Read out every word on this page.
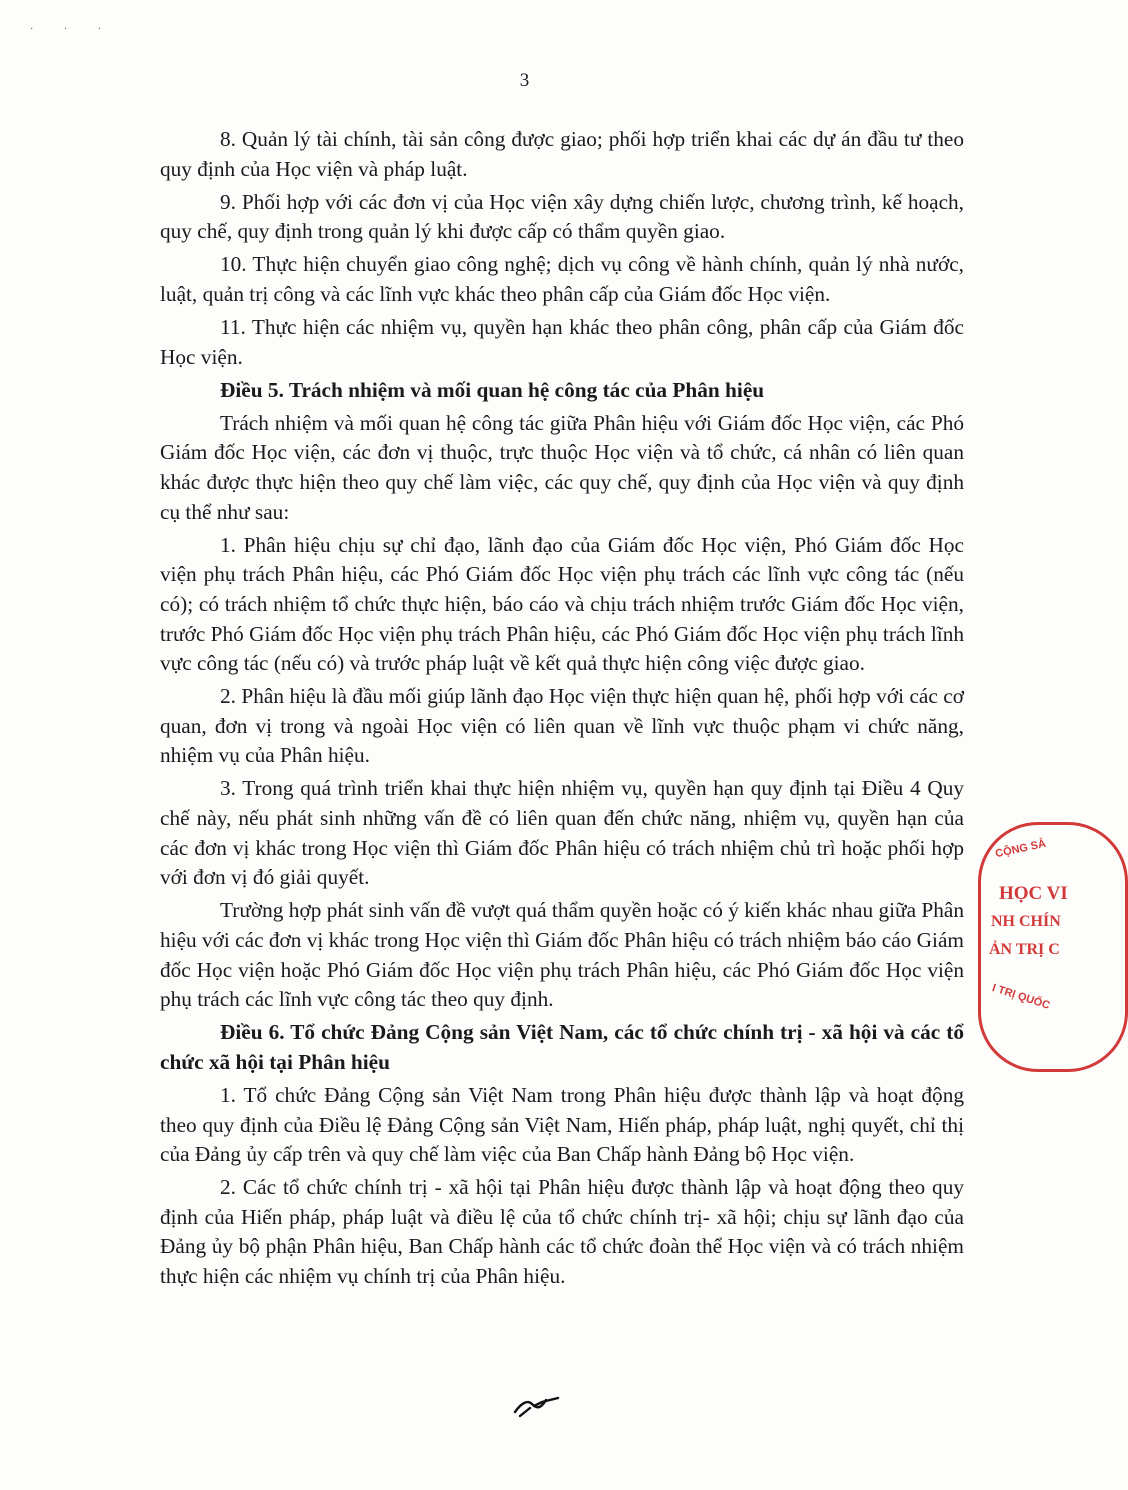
· · ·
3

8. Quản lý tài chính, tài sản công được giao; phối hợp triển khai các dự án đầu tư theo quy định của Học viện và pháp luật.

9. Phối hợp với các đơn vị của Học viện xây dựng chiến lược, chương trình, kế hoạch, quy chế, quy định trong quản lý khi được cấp có thẩm quyền giao.

10. Thực hiện chuyển giao công nghệ; dịch vụ công về hành chính, quản lý nhà nước, luật, quản trị công và các lĩnh vực khác theo phân cấp của Giám đốc Học viện.

11. Thực hiện các nhiệm vụ, quyền hạn khác theo phân công, phân cấp của Giám đốc Học viện.

Điều 5. Trách nhiệm và mối quan hệ công tác của Phân hiệu

Trách nhiệm và mối quan hệ công tác giữa Phân hiệu với Giám đốc Học viện, các Phó Giám đốc Học viện, các đơn vị thuộc, trực thuộc Học viện và tổ chức, cá nhân có liên quan khác được thực hiện theo quy chế làm việc, các quy chế, quy định của Học viện và quy định cụ thể như sau:

1. Phân hiệu chịu sự chỉ đạo, lãnh đạo của Giám đốc Học viện, Phó Giám đốc Học viện phụ trách Phân hiệu, các Phó Giám đốc Học viện phụ trách các lĩnh vực công tác (nếu có); có trách nhiệm tổ chức thực hiện, báo cáo và chịu trách nhiệm trước Giám đốc Học viện, trước Phó Giám đốc Học viện phụ trách Phân hiệu, các Phó Giám đốc Học viện phụ trách lĩnh vực công tác (nếu có) và trước pháp luật về kết quả thực hiện công việc được giao.

2. Phân hiệu là đầu mối giúp lãnh đạo Học viện thực hiện quan hệ, phối hợp với các cơ quan, đơn vị trong và ngoài Học viện có liên quan về lĩnh vực thuộc phạm vi chức năng, nhiệm vụ của Phân hiệu.

3. Trong quá trình triển khai thực hiện nhiệm vụ, quyền hạn quy định tại Điều 4 Quy chế này, nếu phát sinh những vấn đề có liên quan đến chức năng, nhiệm vụ, quyền hạn của các đơn vị khác trong Học viện thì Giám đốc Phân hiệu có trách nhiệm chủ trì hoặc phối hợp với đơn vị đó giải quyết.

Trường hợp phát sinh vấn đề vượt quá thẩm quyền hoặc có ý kiến khác nhau giữa Phân hiệu với các đơn vị khác trong Học viện thì Giám đốc Phân hiệu có trách nhiệm báo cáo Giám đốc Học viện hoặc Phó Giám đốc Học viện phụ trách Phân hiệu, các Phó Giám đốc Học viện phụ trách các lĩnh vực công tác theo quy định.

Điều 6. Tổ chức Đảng Cộng sản Việt Nam, các tổ chức chính trị - xã hội và các tổ chức xã hội tại Phân hiệu

1. Tổ chức Đảng Cộng sản Việt Nam trong Phân hiệu được thành lập và hoạt động theo quy định của Điều lệ Đảng Cộng sản Việt Nam, Hiến pháp, pháp luật, nghị quyết, chỉ thị của Đảng ủy cấp trên và quy chế làm việc của Ban Chấp hành Đảng bộ Học viện.

2. Các tổ chức chính trị - xã hội tại Phân hiệu được thành lập và hoạt động theo quy định của Hiến pháp, pháp luật và điều lệ của tổ chức chính trị- xã hội; chịu sự lãnh đạo của Đảng ủy bộ phận Phân hiệu, Ban Chấp hành các tổ chức đoàn thể Học viện và có trách nhiệm thực hiện các nhiệm vụ chính trị của Phân hiệu.

CỘNG SẢ
HỌC VI
NH CHÍN
ẢN TRỊ C
I TRỊ QUỐC
